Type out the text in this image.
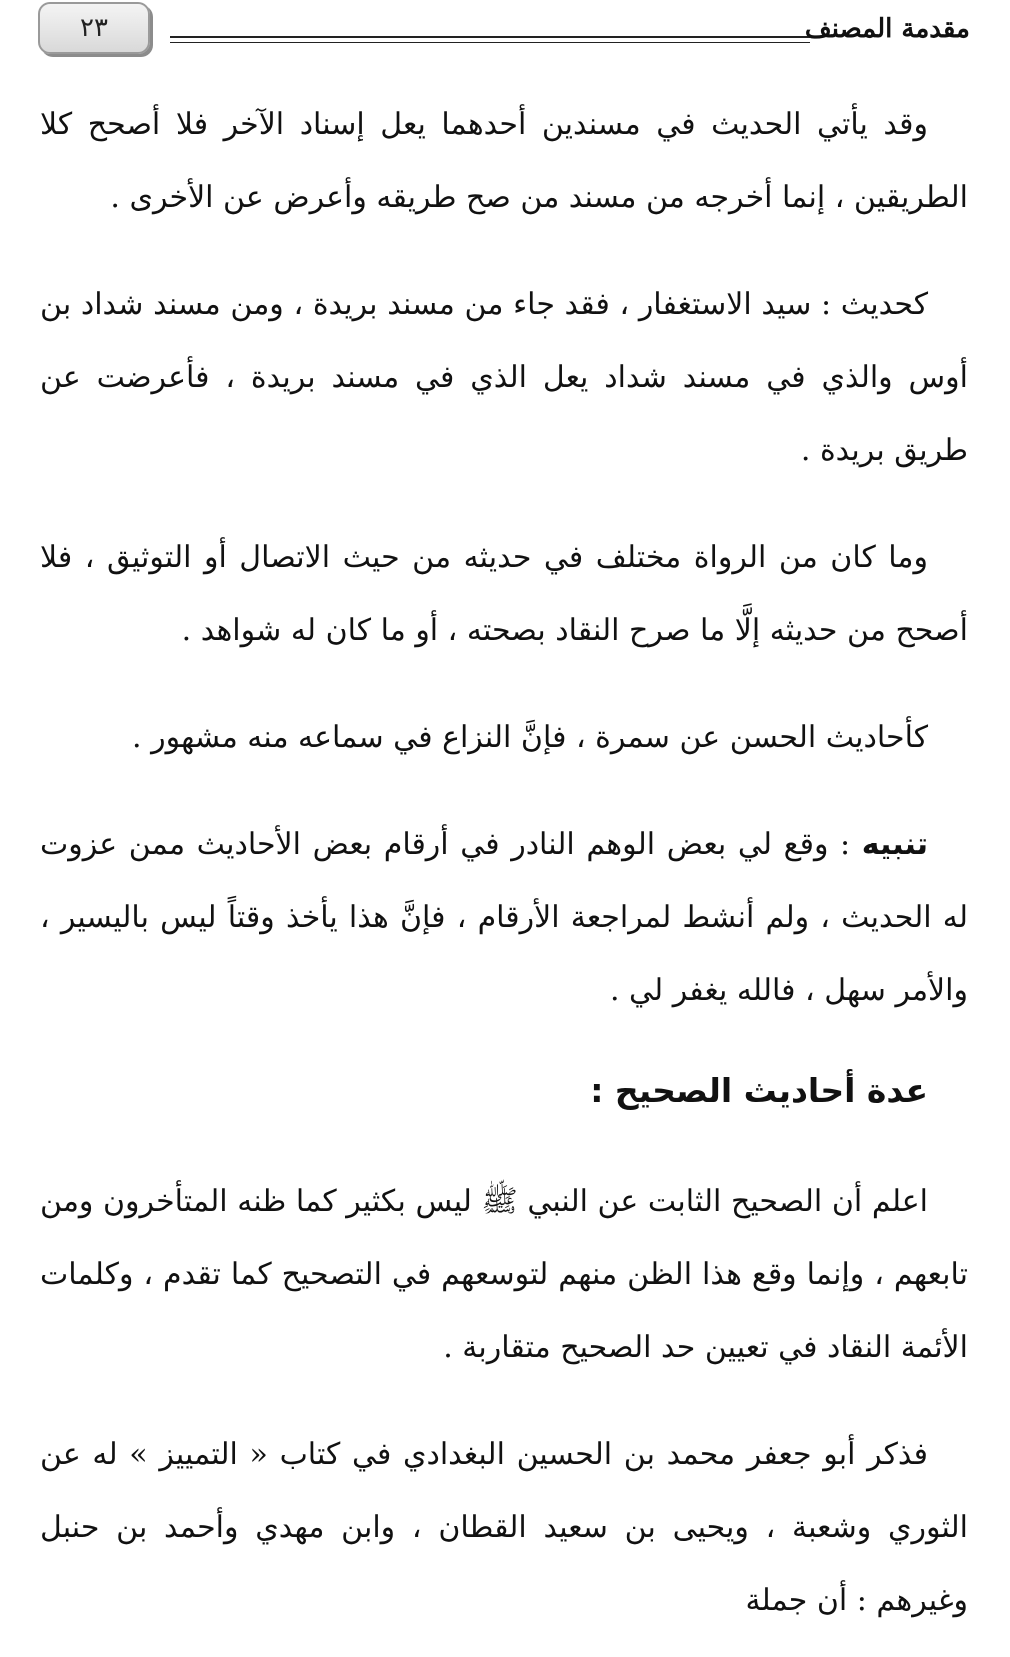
٢٣	مقدمة المصنف

وقد يأتي الحديث في مسندين أحدهما يعل إسناد الآخر فلا أصحح كلا الطريقين ، إنما أخرجه من مسند من صح طريقه وأعرض عن الأخرى .

كحديث : سيد الاستغفار ، فقد جاء من مسند بريدة ، ومن مسند شداد بن أوس والذي في مسند شداد يعل الذي في مسند بريدة ، فأعرضت عن طريق بريدة .

وما كان من الرواة مختلف في حديثه من حيث الاتصال أو التوثيق ، فلا أصحح من حديثه إلَّا ما صرح النقاد بصحته ، أو ما كان له شواهد .

كأحاديث الحسن عن سمرة ، فإنَّ النزاع في سماعه منه مشهور .

تنبيه : وقع لي بعض الوهم النادر في أرقام بعض الأحاديث ممن عزوت له الحديث ، ولم أنشط لمراجعة الأرقام ، فإنَّ هذا يأخذ وقتاً ليس باليسير ، والأمر سهل ، فالله يغفر لي .

عدة أحاديث الصحيح :

اعلم أن الصحيح الثابت عن النبي ﷺ ليس بكثير كما ظنه المتأخرون ومن تابعهم ، وإنما وقع هذا الظن منهم لتوسعهم في التصحيح كما تقدم ، وكلمات الأئمة النقاد في تعيين حد الصحيح متقاربة .

فذكر أبو جعفر محمد بن الحسين البغدادي في كتاب « التمييز » له عن الثوري وشعبة ، ويحيى بن سعيد القطان ، وابن مهدي وأحمد بن حنبل وغيرهم : أن جملة
